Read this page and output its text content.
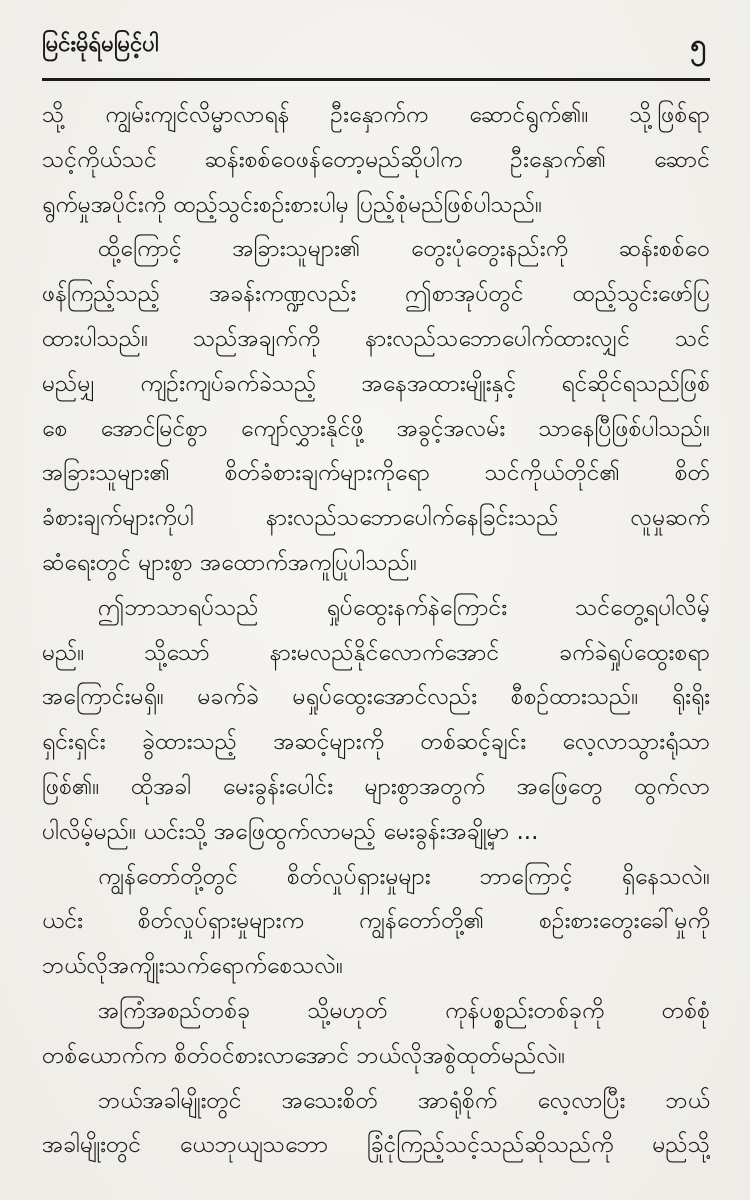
မြင်းမိုရ်မမြင့်ပါ	၅
သို့ ကျွမ်းကျင်လိမ္မာလာရန် ဦးနှောက်က ဆောင်ရွက်၏။ သို့ဖြစ်ရာ
သင့်ကိုယ်သင် ဆန်းစစ်ဝေဖန်တော့မည်ဆိုပါက ဦးနှောက်၏ ဆောင်
ရွက်မှုအပိုင်းကို ထည့်သွင်းစဉ်းစားပါမှ ပြည့်စုံမည်ဖြစ်ပါသည်။
ထို့ကြောင့် အခြားသူများ၏ တွေးပုံတွေးနည်းကို ဆန်းစစ်ဝေ
ဖန်ကြည့်သည့် အခန်းကဏ္ဍလည်း ဤစာအုပ်တွင် ထည့်သွင်းဖော်ပြ
ထားပါသည်။ သည်အချက်ကို နားလည်သဘောပေါက်ထားလျှင် သင်
မည်မျှ ကျဉ်းကျပ်ခက်ခဲသည့် အနေအထားမျိုးနှင့် ရင်ဆိုင်ရသည်ဖြစ်
စေ အောင်မြင်စွာ ကျော်လွှားနိုင်ဖို့ အခွင့်အလမ်း သာနေပြီဖြစ်ပါသည်။
အခြားသူများ၏ စိတ်ခံစားချက်များကိုရော သင်ကိုယ်တိုင်၏ စိတ်
ခံစားချက်များကိုပါ နားလည်သဘောပေါက်နေခြင်းသည် လူမှုဆက်
ဆံရေးတွင် များစွာ အထောက်အကူပြုပါသည်။
ဤဘာသာရပ်သည် ရှုပ်ထွေးနက်နဲကြောင်း သင်တွေ့ရပါလိမ့်
မည်။ သို့သော် နားမလည်နိုင်လောက်အောင် ခက်ခဲရှုပ်ထွေးစရာ
အကြောင်းမရှိ။ မခက်ခဲ မရှုပ်ထွေးအောင်လည်း စီစဉ်ထားသည်။ ရိုးရိုး
ရှင်းရှင်း ခွဲထားသည့် အဆင့်များကို တစ်ဆင့်ချင်း လေ့လာသွားရုံသာ
ဖြစ်၏။ ထိုအခါ မေးခွန်းပေါင်း များစွာအတွက် အဖြေတွေ ထွက်လာ
ပါလိမ့်မည်။ ယင်းသို့ အဖြေထွက်လာမည့် မေးခွန်းအချို့မှာ ...
ကျွန်တော်တို့တွင် စိတ်လှုပ်ရှားမှုများ ဘာကြောင့် ရှိနေသလဲ။
ယင်း စိတ်လှုပ်ရှားမှုများက ကျွန်တော်တို့၏ စဉ်းစားတွေးခေါ်မှုကို
ဘယ်လိုအကျိုးသက်ရောက်စေသလဲ။
အကြံအစည်တစ်ခု သို့မဟုတ် ကုန်ပစ္စည်းတစ်ခုကို တစ်စုံ
တစ်ယောက်က စိတ်ဝင်စားလာအောင် ဘယ်လိုအစွဲထုတ်မည်လဲ။
ဘယ်အခါမျိုးတွင် အသေးစိတ် အာရုံစိုက် လေ့လာပြီး ဘယ်
အခါမျိုးတွင် ယေဘုယျသဘော ခြုံငုံကြည့်သင့်သည်ဆိုသည်ကို မည်သို့
